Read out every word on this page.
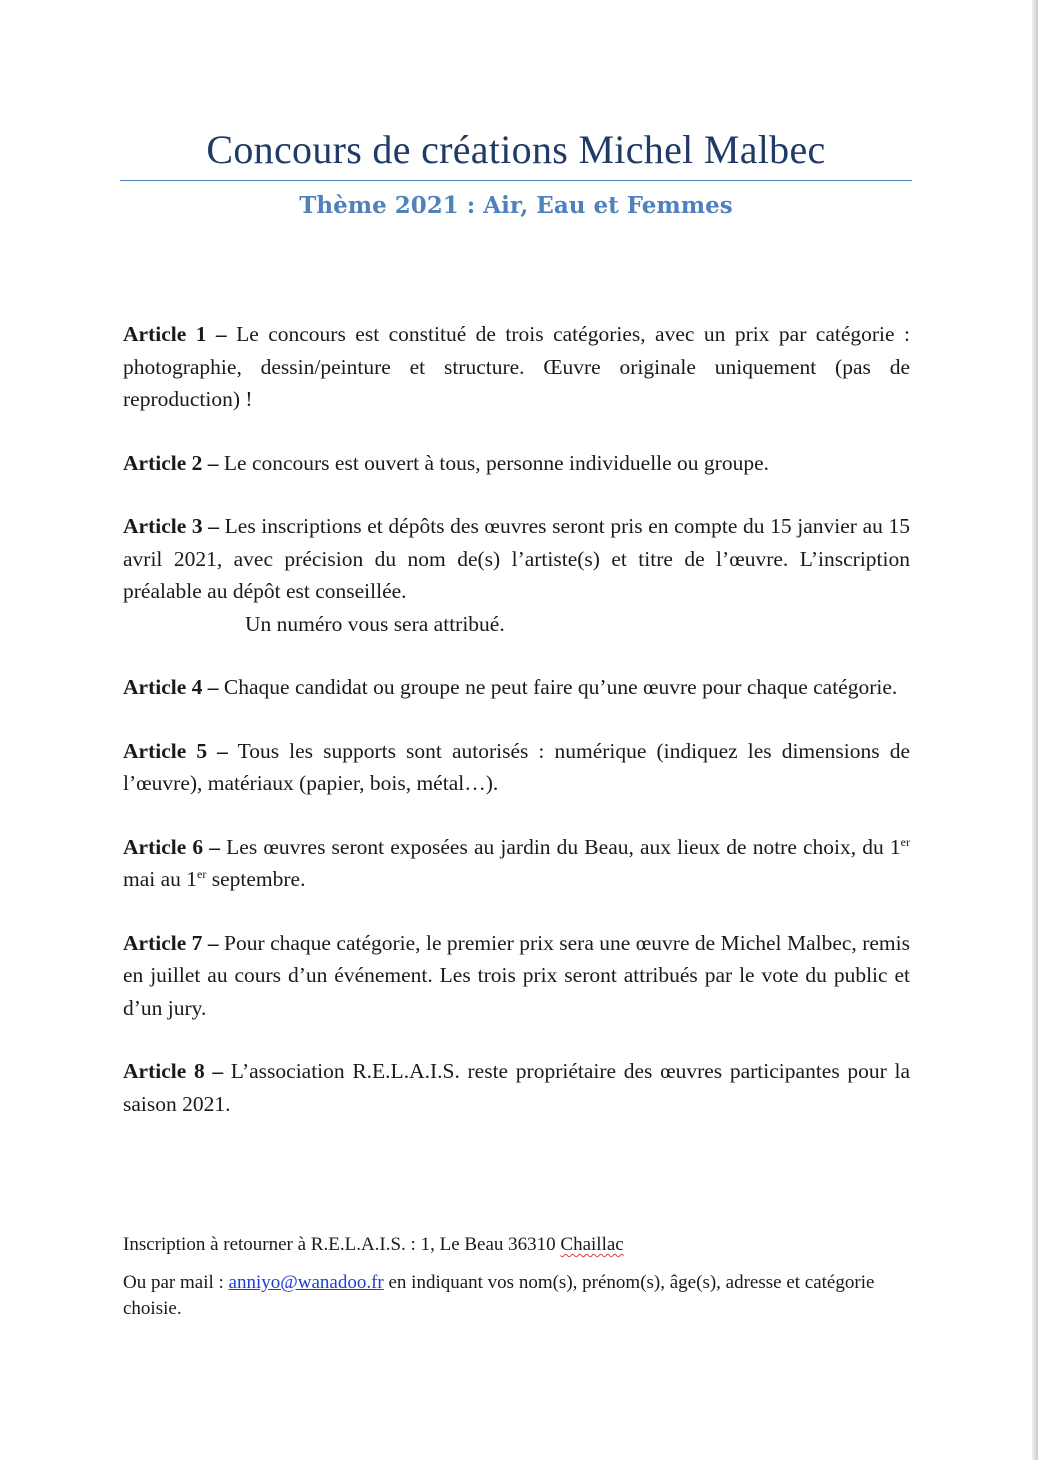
Concours de créations Michel Malbec
Thème 2021 : Air, Eau et Femmes

Article 1 – Le concours est constitué de trois catégories, avec un prix par catégorie : photographie, dessin/peinture et structure. Œuvre originale uniquement (pas de reproduction) !

Article 2 – Le concours est ouvert à tous, personne individuelle ou groupe.

Article 3 – Les inscriptions et dépôts des œuvres seront pris en compte du 15 janvier au 15 avril 2021, avec précision du nom de(s) l’artiste(s) et titre de l’œuvre. L’inscription préalable au dépôt est conseillée.
Un numéro vous sera attribué.

Article 4 – Chaque candidat ou groupe ne peut faire qu’une œuvre pour chaque catégorie.

Article 5 – Tous les supports sont autorisés : numérique (indiquez les dimensions de l’œuvre), matériaux (papier, bois, métal…).

Article 6 – Les œuvres seront exposées au jardin du Beau, aux lieux de notre choix, du 1er mai au 1er septembre.

Article 7 – Pour chaque catégorie, le premier prix sera une œuvre de Michel Malbec, remis en juillet au cours d’un événement. Les trois prix seront attribués par le vote du public et d’un jury.

Article 8 – L’association R.E.L.A.I.S. reste propriétaire des œuvres participantes pour la saison 2021.

Inscription à retourner à R.E.L.A.I.S. : 1, Le Beau 36310 Chaillac

Ou par mail : anniyo@wanadoo.fr en indiquant vos nom(s), prénom(s), âge(s), adresse et catégorie choisie.
